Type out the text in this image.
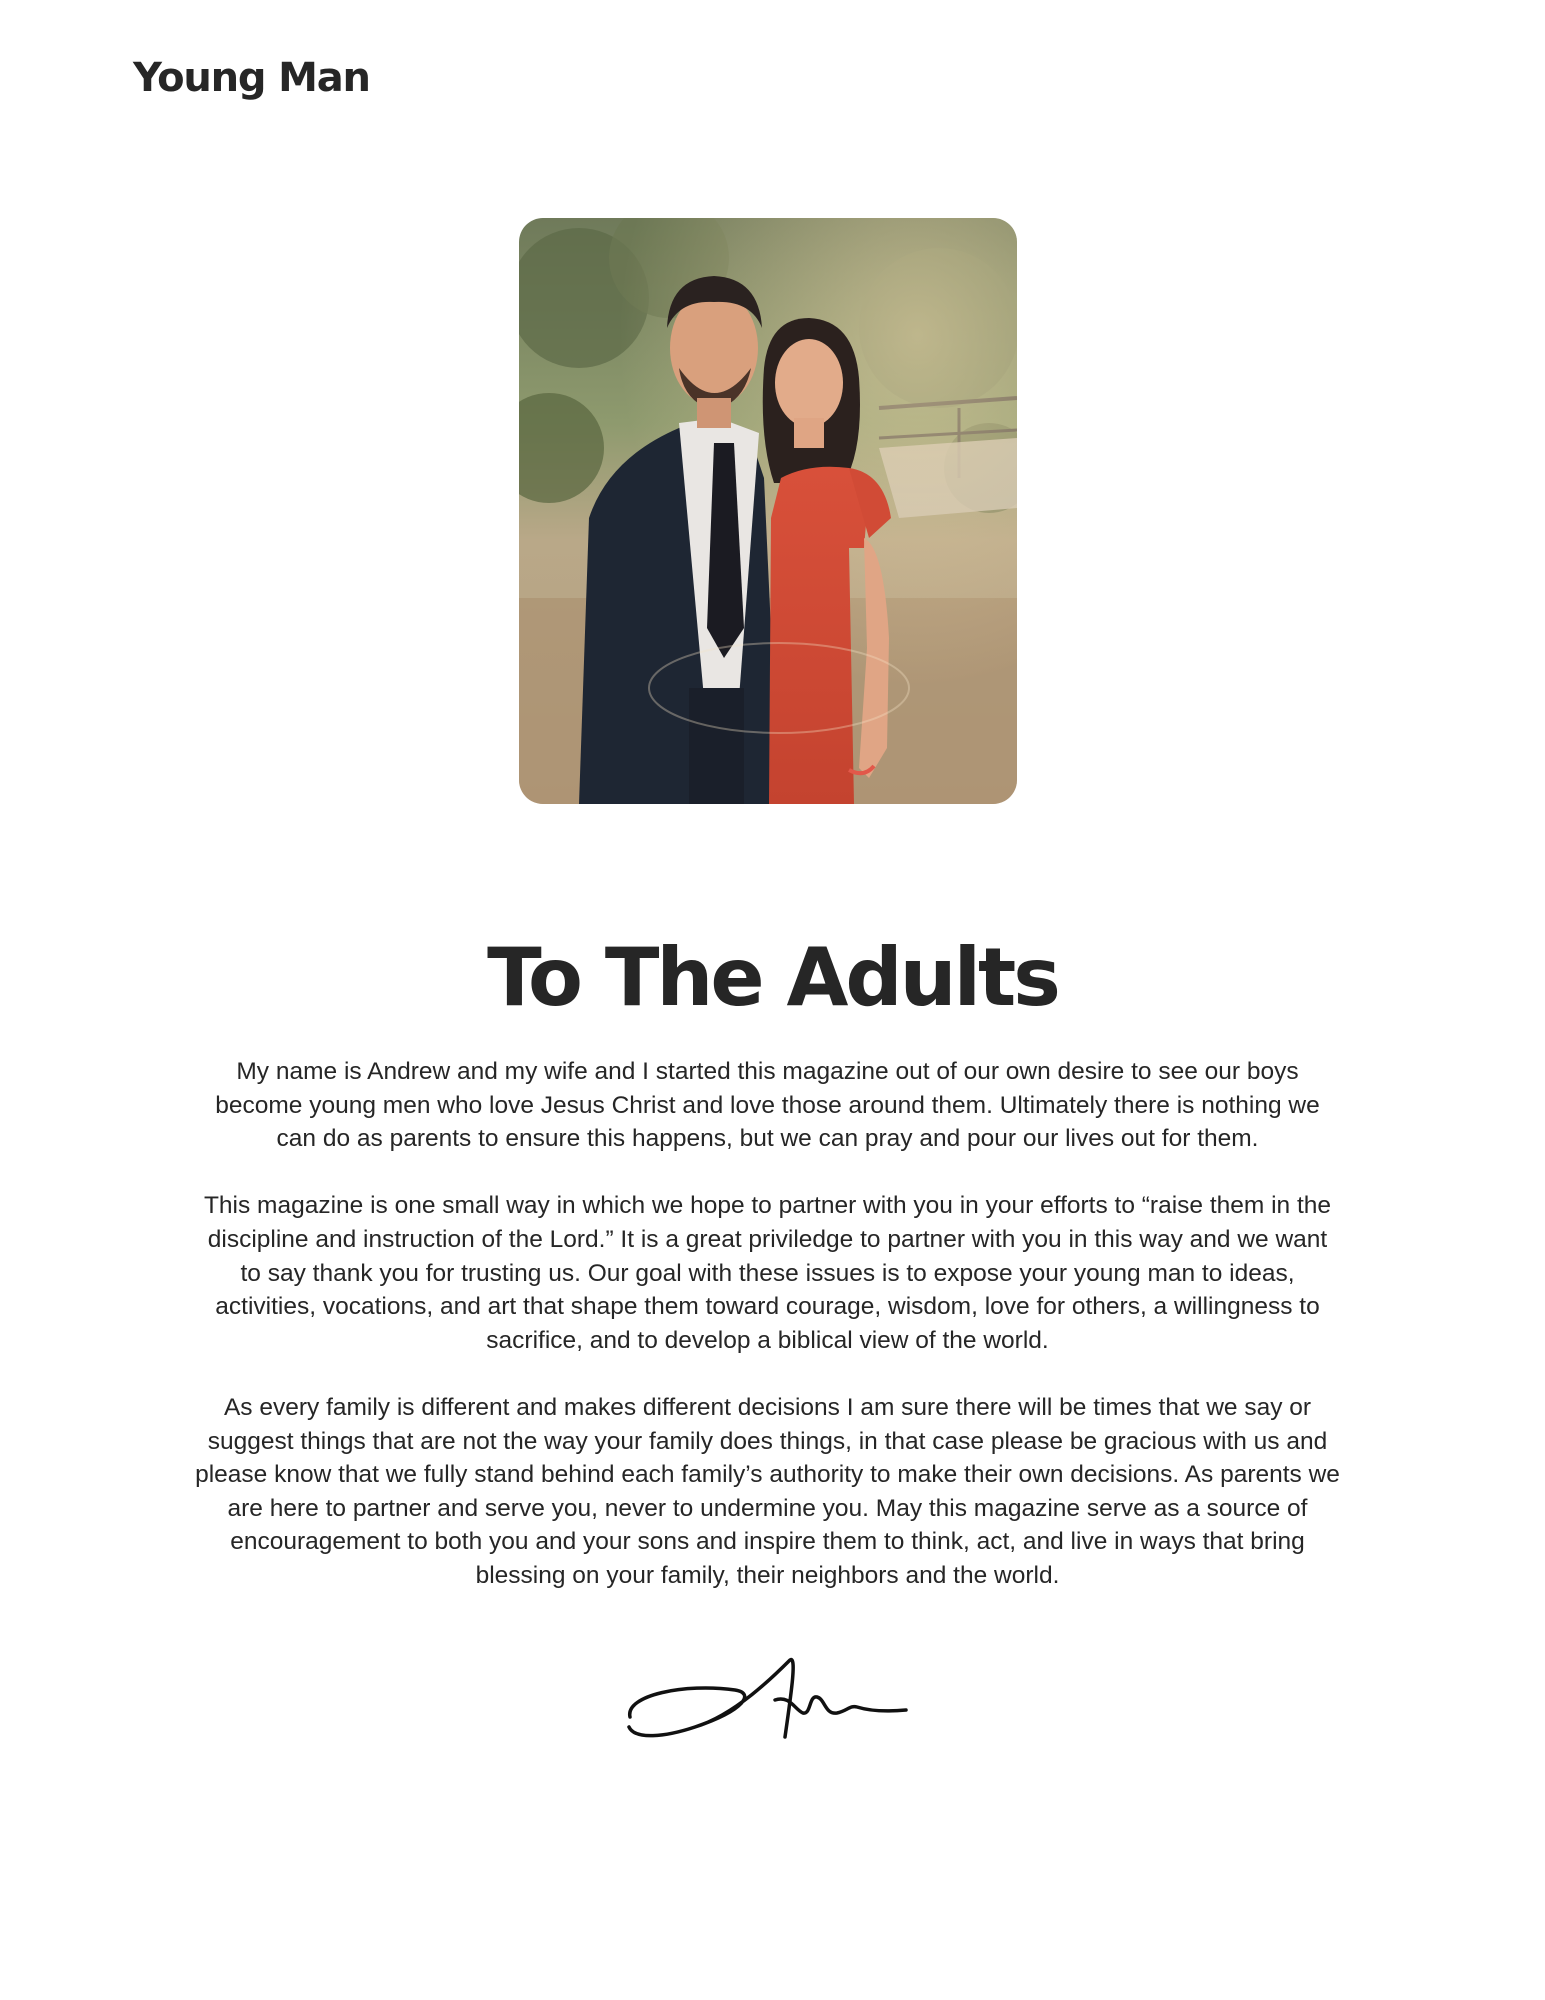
Young Man
To The Adults

My name is Andrew and my wife and I started this magazine out of our own desire to see our boys become young men who love Jesus Christ and love those around them. Ultimately there is nothing we can do as parents to ensure this happens, but we can pray and pour our lives out for them.

This magazine is one small way in which we hope to partner with you in your efforts to “raise them in the discipline and instruction of the Lord.” It is a great priviledge to partner with you in this way and we want to say thank you for trusting us. Our goal with these issues is to expose your young man to ideas, activities, vocations, and art that shape them toward courage, wisdom, love for others, a willingness to sacrifice, and to develop a biblical view of the world.

As every family is different and makes different decisions I am sure there will be times that we say or suggest things that are not the way your family does things, in that case please be gracious with us and please know that we fully stand behind each family’s authority to make their own decisions. As parents we are here to partner and serve you, never to undermine you. May this magazine serve as a source of encouragement to both you and your sons and inspire them to think, act, and live in ways that bring blessing on your family, their neighbors and the world.
